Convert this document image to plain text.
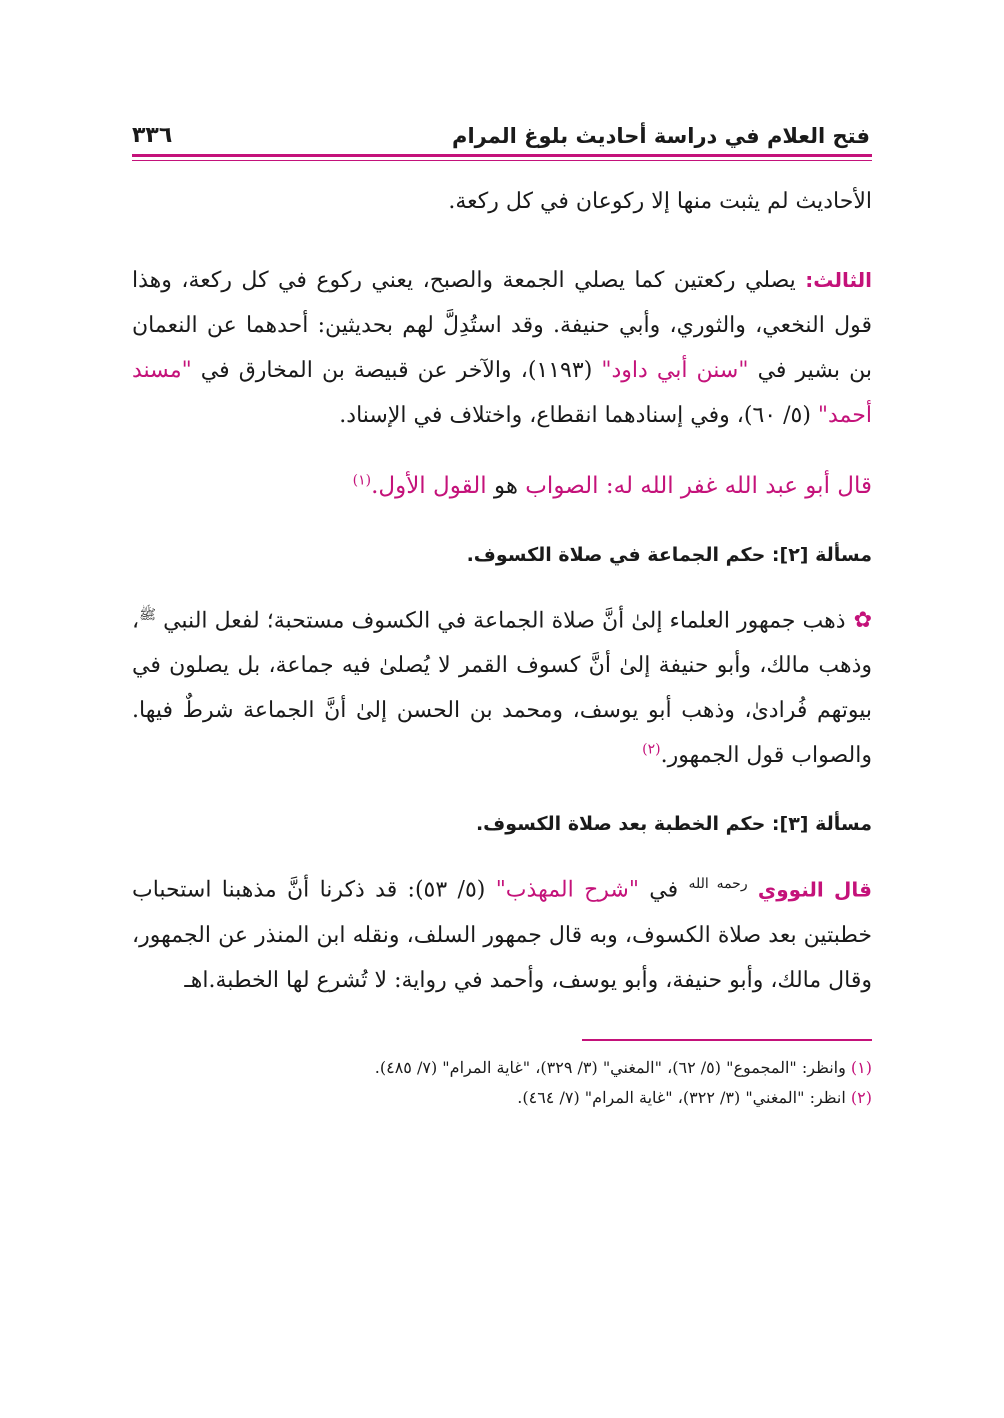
فتح العلام في دراسة أحاديث بلوغ المرام
٣٣٦

الأحاديث لم يثبت منها إلا ركوعان في كل ركعة.

الثالث: يصلي ركعتين كما يصلي الجمعة والصبح، يعني ركوع في كل ركعة، وهذا قول النخعي، والثوري، وأبي حنيفة. وقد استُدِلَّ لهم بحديثين: أحدهما عن النعمان بن بشير في "سنن أبي داود" (١١٩٣)، والآخر عن قبيصة بن المخارق في "مسند أحمد" (٥/ ٦٠)، وفي إسنادهما انقطاع، واختلاف في الإسناد.

قال أبو عبد الله غفر الله له: الصواب هو القول الأول.$^{(١)}$

مسألة [٢]: حكم الجماعة في صلاة الكسوف.

✿ذهب جمهور العلماء إلىٰ أنَّ صلاة الجماعة في الكسوف مستحبة؛ لفعل النبي $^ﷺ$، وذهب مالك، وأبو حنيفة إلىٰ أنَّ كسوف القمر لا يُصلىٰ فيه جماعة، بل يصلون في بيوتهم فُرادىٰ، وذهب أبو يوسف، ومحمد بن الحسن إلىٰ أنَّ الجماعة شرطٌ فيها. والصواب قول الجمهور.$^{(٢)}$

مسألة [٣]: حكم الخطبة بعد صلاة الكسوف.

قال النووي $^{رحمه الله}$ في "شرح المهذب" (٥/ ٥٣): قد ذكرنا أنَّ مذهبنا استحباب خطبتين بعد صلاة الكسوف، وبه قال جمهور السلف، ونقله ابن المنذر عن الجمهور، وقال مالك، وأبو حنيفة، وأبو يوسف، وأحمد في رواية: لا تُشرع لها الخطبة.اهـ

(١) وانظر: "المجموع" (٥/ ٦٢)، "المغني" (٣/ ٣٢٩)، "غاية المرام" (٧/ ٤٨٥).

(٢) انظر: "المغني" (٣/ ٣٢٢)، "غاية المرام" (٧/ ٤٦٤).
